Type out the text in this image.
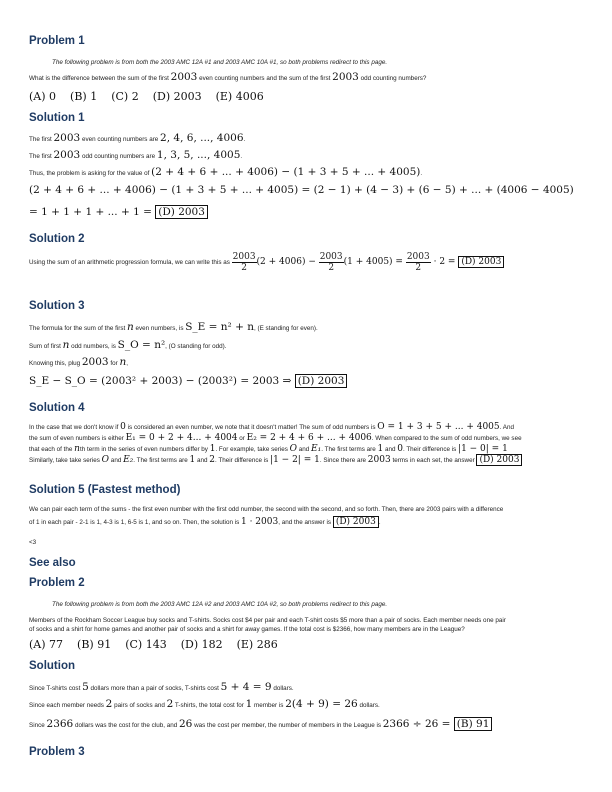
Problem 1
The following problem is from both the 2003 AMC 12A #1 and 2003 AMC 10A #1, so both problems redirect to this page.
What is the difference between the sum of the first 2003 even counting numbers and the sum of the first 2003 odd counting numbers?
(A) 0 (B) 1 (C) 2 (D) 2003 (E) 4006
Solution 1
The first 2003 even counting numbers are 2, 4, 6, ..., 4006.
The first 2003 odd counting numbers are 1, 3, 5, ..., 4005.
Thus, the problem is asking for the value of (2 + 4 + 6 + ... + 4006) − (1 + 3 + 5 + ... + 4005).
(2 + 4 + 6 + ... + 4006) − (1 + 3 + 5 + ... + 4005) = (2 − 1) + (4 − 3) + (6 − 5) + ... + (4006 − 4005)
= 1 + 1 + 1 + ... + 1 = (D) 2003
Solution 2
Using the sum of an arithmetic progression formula, we can write this as $\frac{2003}{2} (2 + 4006) - \frac{2003}{2} (1 + 4005) = \frac{2003}{2} \cdot 2 = (D)$ 2003
Solution 3
The formula for the sum of the first n even numbers, is S_E = n² + n, (E standing for even).
Sum of first n odd numbers, is S_O = n², (O standing for odd).
Knowing this, plug 2003 for n,
S_E − S_O = (2003² + 2003) − (2003²) = 2003 ⇒ (D) 2003
Solution 4
In the case that we don't know if 0 is considered an even number, we note that it doesn't matter! The sum of odd numbers is O = 1 + 3 + 5 + ... + 4005. And
the sum of even numbers is either E₁ = 0 + 2 + 4... + 4004 or E₂ = 2 + 4 + 6 + ... + 4006. When compared to the sum of odd numbers, we see
that each of the nth term in the series of even numbers differ by 1. For example, take series O and E₁. The first terms are 1 and 0. Their difference is |1 − 0| = 1
Similarly, take take series O and E₂. The first terms are 1 and 2. Their difference is |1 − 2| = 1. Since there are 2003 terms in each set, the answer (D) 2003
Solution 5 (Fastest method)
We can pair each term of the sums - the first even number with the first odd number, the second with the second, and so forth. Then, there are 2003 pairs with a difference
of 1 in each pair - 2-1 is 1, 4-3 is 1, 6-5 is 1, and so on. Then, the solution is 1 · 2003, and the answer is (D) 2003 .
<3
See also
Problem 2
The following problem is from both the 2003 AMC 12A #2 and 2003 AMC 10A #2, so both problems redirect to this page.
Members of the Rockham Soccer League buy socks and T-shirts. Socks cost $4 per pair and each T-shirt costs $5 more than a pair of socks. Each member needs one pair
of socks and a shirt for home games and another pair of socks and a shirt for away games. If the total cost is $2366, how many members are in the League?
(A) 77 (B) 91 (C) 143 (D) 182 (E) 286
Solution
Since T-shirts cost 5 dollars more than a pair of socks, T-shirts cost 5 + 4 = 9 dollars.
Since each member needs 2 pairs of socks and 2 T-shirts, the total cost for 1 member is 2(4 + 9) = 26 dollars.
Since 2366 dollars was the cost for the club, and 26 was the cost per member, the number of members in the League is 2366 ÷ 26 = (B) 91
Problem 3
